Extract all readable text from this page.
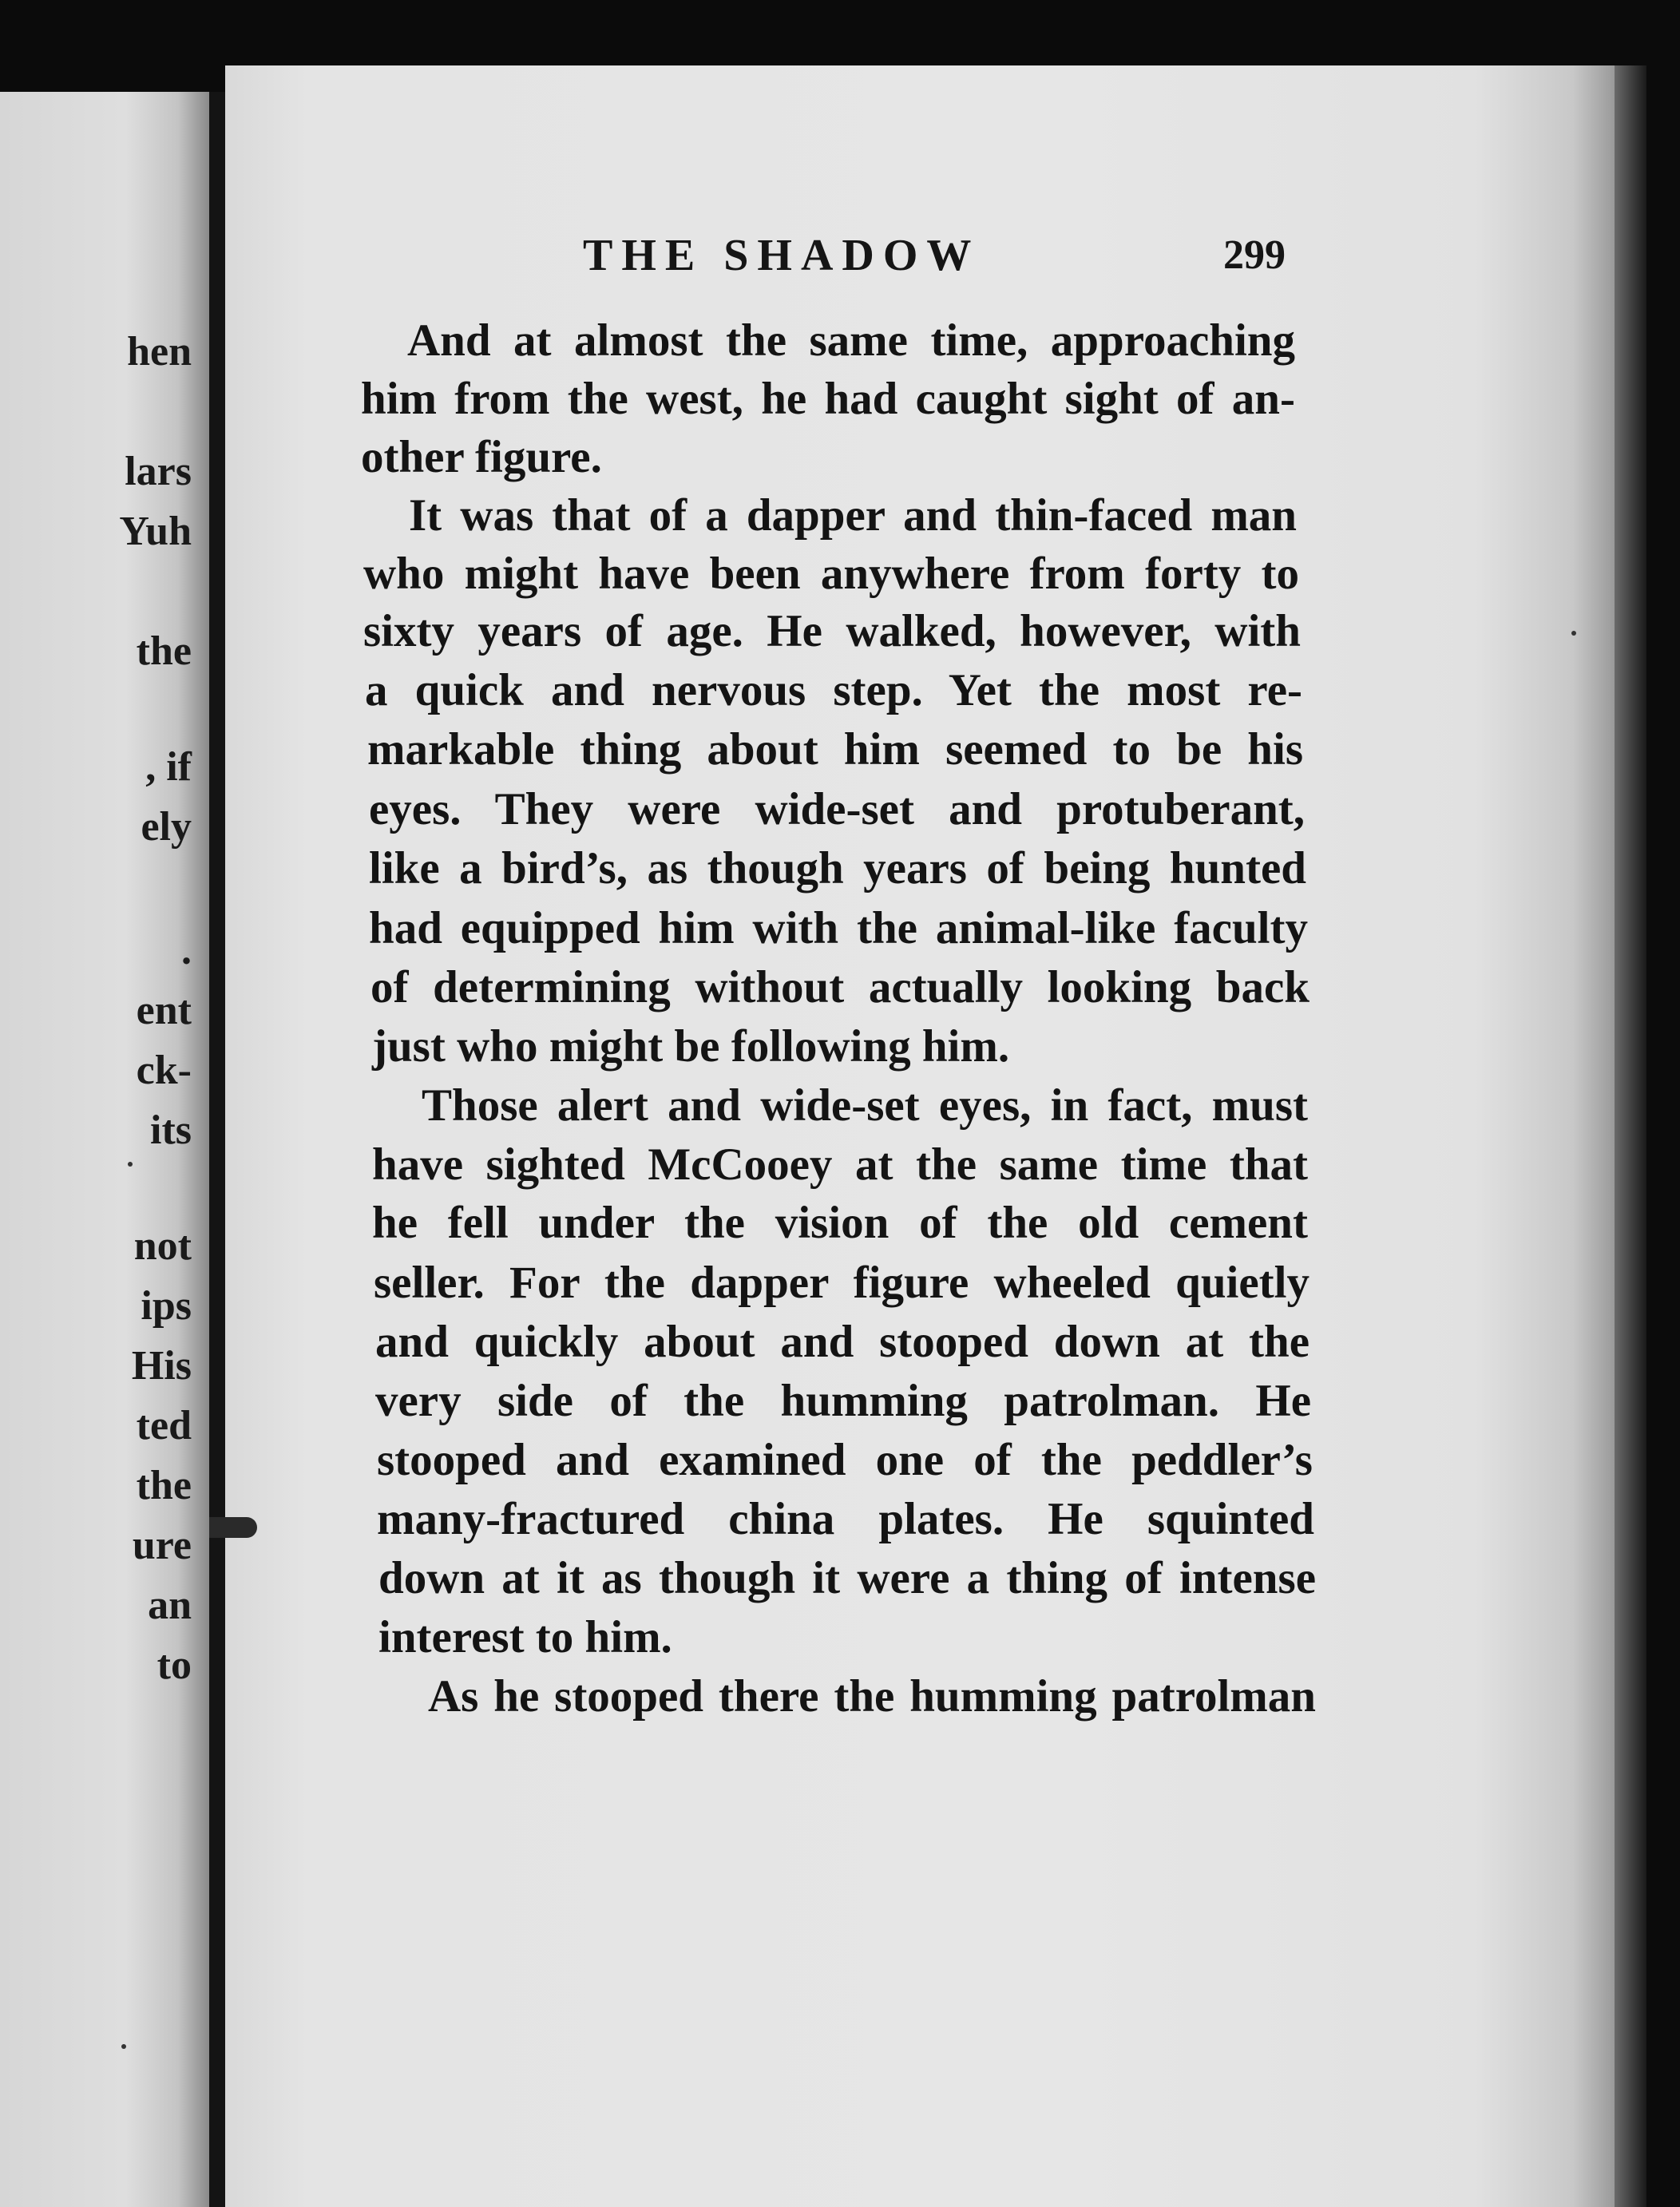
hen
lars
Yuh
the
, if
ely
.
ent
ck-
its
not
ips
His
ted
the
ure
an
to
THE SHADOW	299
And at almost the same time, approaching
him from the west, he had caught sight of an-
other figure.
It was that of a dapper and thin-faced man
who might have been anywhere from forty to
sixty years of age. He walked, however, with
a quick and nervous step. Yet the most re-
markable thing about him seemed to be his
eyes. They were wide-set and protuberant,
like a bird’s, as though years of being hunted
had equipped him with the animal-like faculty
of determining without actually looking back
just who might be following him.
Those alert and wide-set eyes, in fact, must
have sighted McCooey at the same time that
he fell under the vision of the old cement
seller. For the dapper figure wheeled quietly
and quickly about and stooped down at the
very side of the humming patrolman. He
stooped and examined one of the peddler’s
many-fractured china plates. He squinted
down at it as though it were a thing of intense
interest to him.
As he stooped there the humming patrolman
